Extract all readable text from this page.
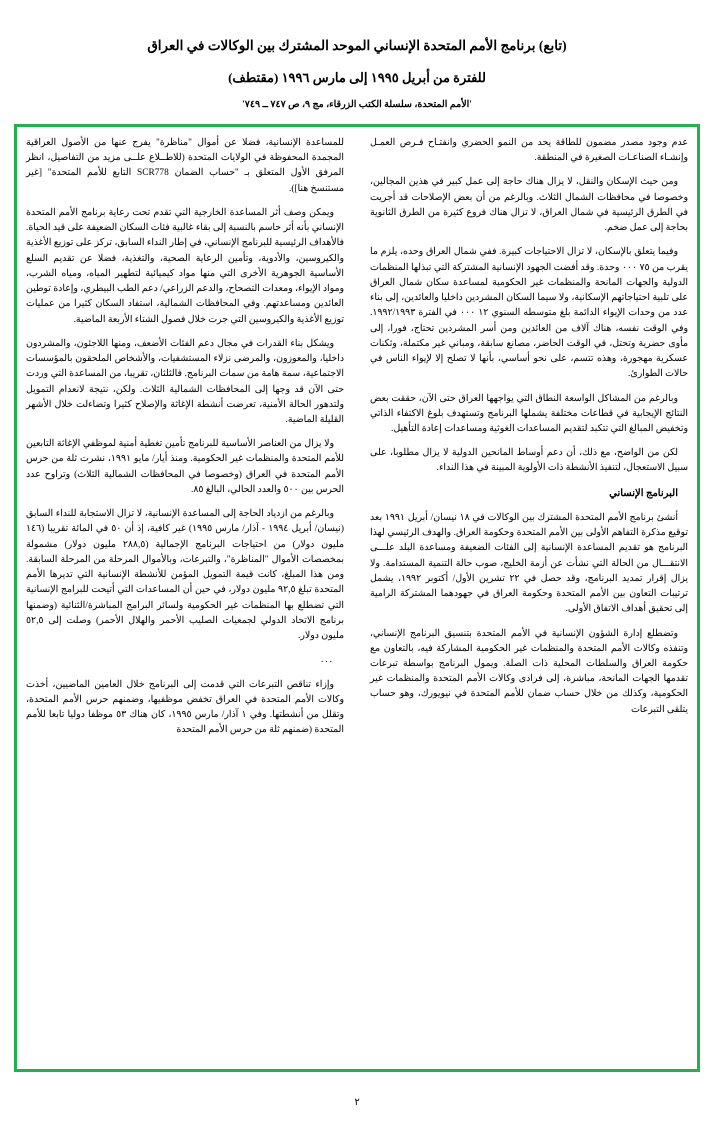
(تابع) برنامج الأمم المتحدة الإنساني الموحد المشترك بين الوكالات في العراق
للفترة من أبريل ١٩٩٥ إلى مارس ١٩٩٦ (مقتطف)
'الأمم المتحدة، سلسلة الكتب الزرقاء، مج ٩، ص ٧٤٧ ــ ٧٤٩'

عدم وجود مصدر مضمون للطاقة يحد من النمو الحضري وانفتـاح فـرص العمـل وإنشـاء الصناعـات الصغيرة في المنطقة.

ومن حيث الإسكان والنقل، لا يزال هناك حاجة إلى عمل كبير في هذين المجالين، وخصوصا في محافظات الشمال الثلاث. وبالرغم من أن بعض الإصلاحات قد أجريت في الطرق الرئيسية في شمال العراق، لا تزال هناك فروع كثيرة من الطرق الثانوية بحاجة إلى عمل ضخم.

وفيما يتعلق بالإسكان، لا تزال الاحتياجات كبيرة. ففي شمال العراق وحده، يلزم ما يقرب من ٧٥ ٠٠٠ وحدة. وقد أفضت الجهود الإنسانية المشتركة التي تبذلها المنظمات الدولية والجهات المانحة والمنظمات غير الحكومية لمساعدة سكان شمال العراق على تلبية احتياجاتهم الإسكانية، ولا سيما السكان المشردين داخليا والعائدين، إلى بناء عدد من وحدات الإيواء الدائمة بلغ متوسطه السنوي ١٢ ٠٠٠ في الفترة ١٩٩٢/١٩٩٣. وفي الوقت نفسه، هناك آلاف من العائدين ومن أسر المشردين تحتاج، فورا، إلى مأوى حضرية وتحتل، في الوقت الحاضر، مصانع سابقة، ومباني غير مكتملة، وثكنات عسكرية مهجورة، وهذه تتسم، على نحو أساسي، بأنها لا تصلح إلا لإيواء الناس في حالات الطوارئ.

وبالرغم من المشاكل الواسعة النطاق التي يواجهها العراق حتى الآن، حققت بعض النتائج الإيجابية في قطاعات مختلفة يشملها البرنامج وتستهدف بلوغ الاكتفاء الذاتي وتخفيض المبالغ التي تتكبد لتقديم المساعدات الغوثية ومساعدات إعادة التأهيل.

لكن من الواضح، مع ذلك، أن دعم أوساط المانحين الدولية لا يزال مطلوبا، على سبيل الاستعجال، لتنفيذ الأنشطة ذات الأولوية المبينة في هذا النداء.

البرنامج الإنساني

أنشئ برنامج الأمم المتحدة المشترك بين الوكالات في ١٨ نيسان/ أبريل ١٩٩١ بعد توقيع مذكرة التفاهم الأولى بين الأمم المتحدة وحكومة العراق. والهدف الرئيسي لهذا البرنامج هو تقديم المساعدة الإنسانية إلى الفئات الضعيفة ومساعدة البلد علـــى الانتقـــال من الحالة التي نشأت عن أزمة الخليج، صوب حالة التنمية المستدامة. ولا يزال إقرار تمديد البرنامج، وقد حصل في ٢٢ تشرين الأول/ أكتوبر ١٩٩٢، يشمل ترتيبات التعاون بين الأمم المتحدة وحكومة العراق في جهودهما المشتركة الرامية إلى تحقيق أهداف الاتفاق الأولى.

وتضطلع إدارة الشؤون الإنسانية في الأمم المتحدة بتنسيق البرنامج الإنساني، وتنفذه وكالات الأمم المتحدة والمنظمات غير الحكومية المشاركة فيه، بالتعاون مع حكومة العراق والسلطات المحلية ذات الصلة. ويمول البرنامج بواسطة تبرعات تقدمها الجهات المانحة، مباشرة، إلى فرادى وكالات الأمم المتحدة والمنظمات غير الحكومية، وكذلك من خلال حساب ضمان للأمم المتحدة في نيويورك، وهو حساب يتلقى التبرعات

للمساعدة الإنسانية، فضلا عن أموال "مناظرة" يفرج عنها من الأصول العراقية المجمدة المحفوظة في الولايات المتحدة (للاطــلاع علــى مزيد من التفاصيل، انظر المرفق الأول المتعلق بـ "حساب الضمان SCR778 التابع للأمم المتحدة" [غير مستنسخ هنا]).

ويمكن وصف أثر المساعدة الخارجية التي تقدم تحت رعاية برنامج الأمم المتحدة الإنساني بأنه أثر حاسم بالنسبة إلى بقاء غالبية فئات السكان الضعيفة على قيد الحياة. فالأهداف الرئيسية للبرنامج الإنساني، في إطار النداء السابق، تركز على توزيع الأغذية والكيروسين، والأدوية، وتأمين الرعاية الصحية، والتغذية، فضلا عن تقديم السلع الأساسية الجوهرية الأخرى التي منها مواد كيميائية لتطهير المياه، ومياه الشرب، ومواد الإيواء، ومعدات التصحاح، والدعم الزراعي/ دعم الطب البيطري، وإعادة توطين العائدين ومساعدتهم. وفي المحافظات الشمالية، استفاد السكان كثيرا من عمليات توزيع الأغذية والكيروسين التي جرت خلال فصول الشتاء الأربعة الماضية.

ويشكل بناء القدرات في مجال دعم الفئات الأضعف، ومنها اللاجئون، والمشردون داخليا، والمعوزون، والمرضى نزلاء المستشفيات، والأشخاص الملحقون بالمؤسسات الاجتماعية، سمة هامة من سمات البرنامج. فالثلثان، تقريبا، من المساعدة التي وردت حتى الآن قد وجها إلى المحافظات الشمالية الثلاث. ولكن، نتيجة لانعدام التمويل ولتدهور الحالة الأمنية، تعرضت أنشطة الإغاثة والإصلاح كثيرا وتضاءلت خلال الأشهر القليلة الماضية.

ولا يزال من العناصر الأساسية للبرنامج تأمين تغطية أمنية لموظفي الإغاثة التابعين للأمم المتحدة والمنظمات غير الحكومية. ومنذ أيار/ مايو ١٩٩١، نشرت ثلة من حرس الأمم المتحدة في العراق (وخصوصا في المحافظات الشمالية الثلاث) وتراوح عدد الحرس بين ٥٠٠ والعدد الحالي، البالغ ٨٥.

وبالرغم من ازدياد الحاجة إلى المساعدة الإنسانية، لا تزال الاستجابة للنداء السابق (نيسان/ أبريل ١٩٩٤ - آذار/ مارس ١٩٩٥) غير كافية، إذ أن ٥٠ في المائة تقريبا (١٤٦ مليون دولار) من احتياجات البرنامج الإجمالية (٢٨٨,٥ مليون دولار) مشمولة بمخصصات الأموال "المناظرة"، والتبرعات، وبالأموال المرحلة من المرحلة السابقة. ومن هذا المبلغ، كانت قيمة التمويل المؤمن للأنشطة الإنسانية التي تديرها الأمم المتحدة تبلغ ٩٢,٥ مليون دولار، في حين أن المساعدات التي أتيحت للبرامج الإنسانية التي تضطلع بها المنظمات غير الحكومية ولسائر البرامج المباشرة/الثنائية (وضمنها برنامج الاتحاد الدولي لجمعيات الصليب الأحمر والهلال الأحمر) وصلت إلى ٥٢,٥ مليون دولار.

...

وإزاء تناقص التبرعات التي قدمت إلى البرنامج خلال العامين الماضيين، أخذت وكالات الأمم المتحدة في العراق تخفض موظفيها، وضمنهم حرس الأمم المتحدة، وتقلل من أنشطتها. وفي ١ آذار/ مارس ١٩٩٥، كان هناك ٥٣ موظفا دوليا تابعا للأمم المتحدة (ضمنهم ثلة من حرس الأمم المتحدة

٢
